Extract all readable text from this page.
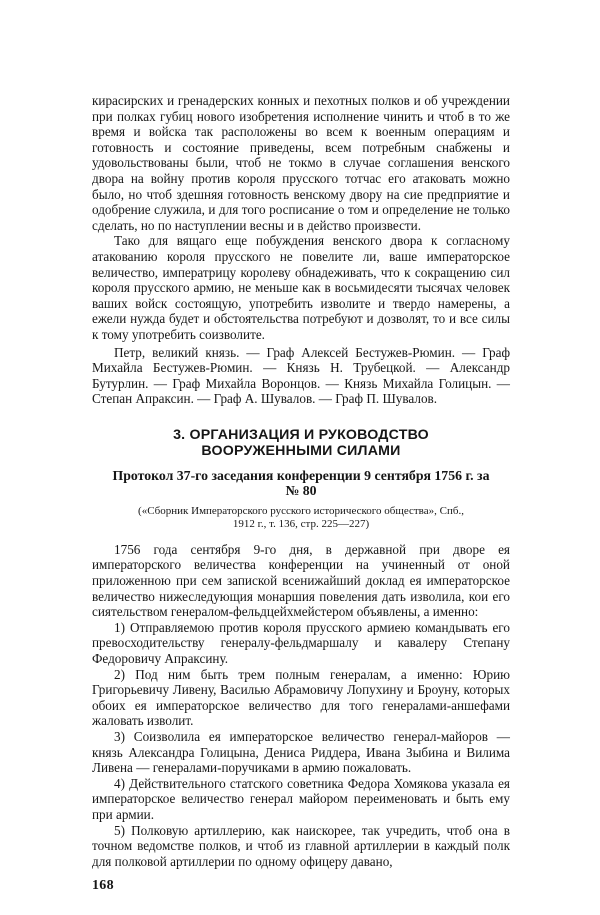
кирасирских и гренадерских конных и пехотных полков и об учреждении при полках губиц нового изобретения исполнение чинить и чтоб в то же время и войска так расположены во всем к военным операциям и готовность и состояние приведены, всем потребным снабжены и удовольствованы были, чтоб не токмо в случае соглашения венского двора на войну против короля прусского тотчас его атаковать можно было, но чтоб здешняя готовность венскому двору на сие предприятие и одобрение служила, и для того росписание о том и определение не только сделать, но по наступлении весны и в действо произвести.

Тако для вящаго еще побуждения венского двора к согласному атакованию короля прусского не повелите ли, ваше императорское величество, императрицу королеву обнадеживать, что к сокращению сил короля прусского армию, не меньше как в восьмидесяти тысячах человек ваших войск состоящую, употребить изволите и твердо намерены, а ежели нужда будет и обстоятельства потребуют и дозволят, то и все силы к тому употребить соизволите.

Петр, великий князь. — Граф Алексей Бестужев-Рюмин. — Граф Михайла Бестужев-Рюмин. — Князь Н. Трубецкой. — Александр Бутурлин. — Граф Михайла Воронцов. — Князь Михайла Голицын. — Степан Апраксин. — Граф А. Шувалов. — Граф П. Шувалов.

3. ОРГАНИЗАЦИЯ И РУКОВОДСТВО ВООРУЖЕННЫМИ СИЛАМИ
Протокол 37-го заседания конференции 9 сентября 1756 г. за № 80
(«Сборник Императорского русского исторического общества», Спб., 1912 г., т. 136, стр. 225—227)

1756 года сентября 9-го дня, в державной при дворе ея императорского величества конференции на учиненный от оной приложенною при сем запиской всенижайший доклад ея императорское величество нижеследующия монаршия повеления дать изволила, кои его сиятельством генералом-фельдцейхмейстером объявлены, а именно:

1) Отправляемою против короля прусского армиею командывать его превосходительству генералу-фельдмаршалу и кавалеру Степану Федоровичу Апраксину.

2) Под ним быть трем полным генералам, а именно: Юрию Григорьевичу Ливену, Василью Абрамовичу Лопухину и Броуну, которых обоих ея императорское величество для того генералами-аншефами жаловать изволит.

3) Соизволила ея императорское величество генерал-майоров — князь Александра Голицына, Дениса Риддера, Ивана Зыбина и Вилима Ливена — генералами-поручиками в армию пожаловать.

4) Действительного статского советника Федора Хомякова указала ея императорское величество генерал майором переименовать и быть ему при армии.

5) Полковую артиллерию, как наискорее, так учредить, чтоб она в точном ведомстве полков, и чтоб из главной артиллерии в каждый полк для полковой артиллерии по одному офицеру давано,

168
